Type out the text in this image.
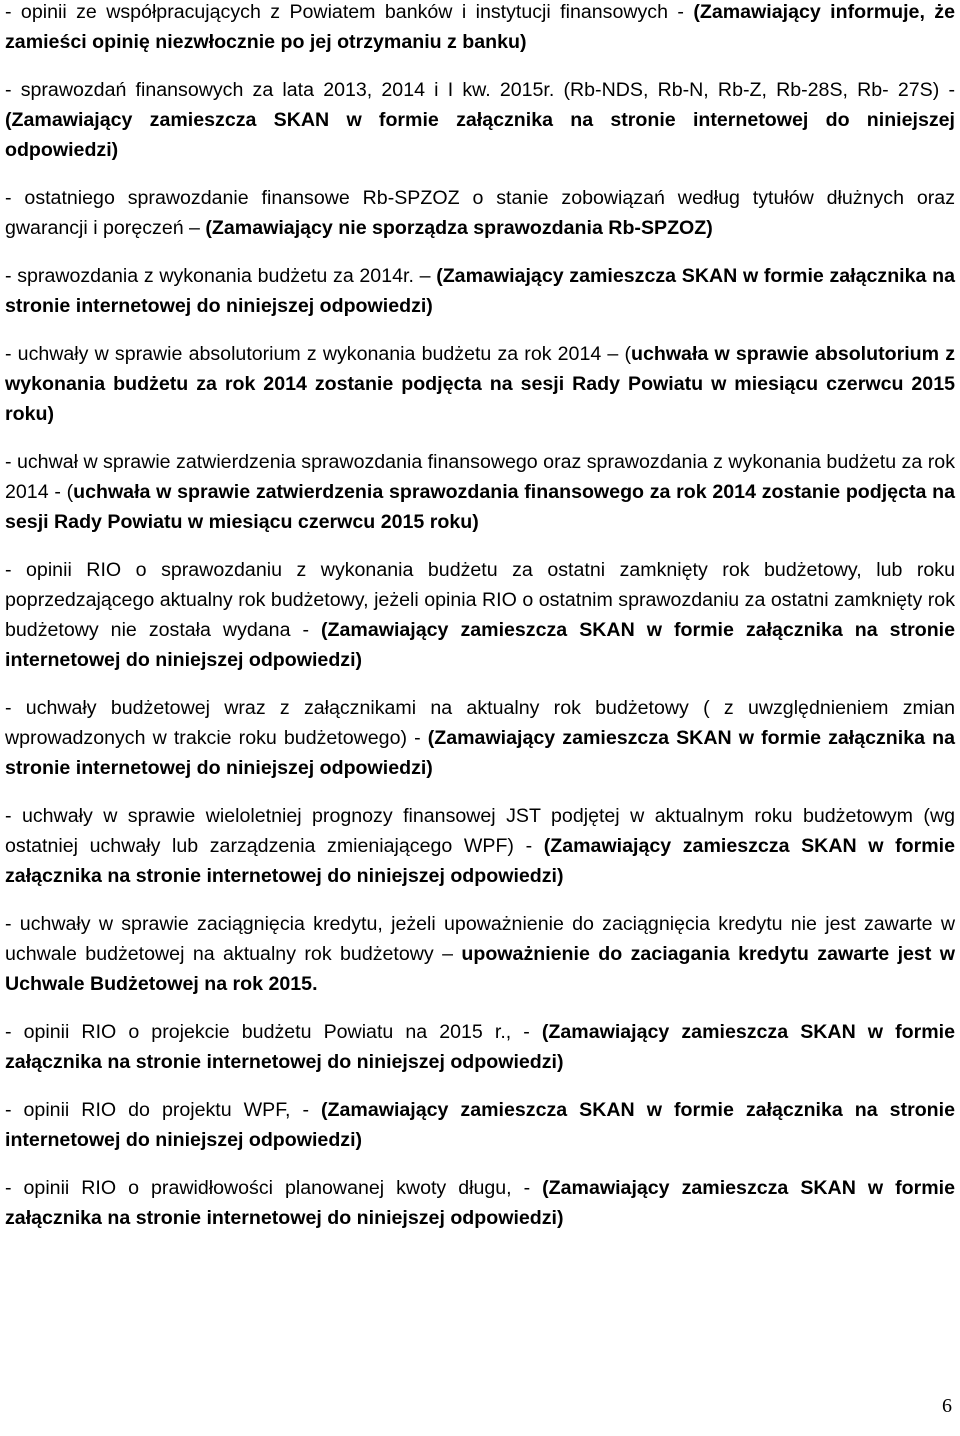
- opinii ze współpracujących z Powiatem banków i instytucji finansowych - (Zamawiający informuje, że zamieści opinię niezwłocznie po jej otrzymaniu z banku)

- sprawozdań finansowych za lata 2013, 2014 i I kw. 2015r. (Rb-NDS, Rb-N, Rb-Z, Rb-28S, Rb- 27S) - (Zamawiający zamieszcza SKAN w formie załącznika na stronie internetowej do niniejszej odpowiedzi)

- ostatniego sprawozdanie finansowe Rb-SPZOZ o stanie zobowiązań według tytułów dłużnych oraz gwarancji i poręczeń – (Zamawiający nie sporządza sprawozdania Rb-SPZOZ)

- sprawozdania z wykonania budżetu za 2014r. – (Zamawiający zamieszcza SKAN w formie załącznika na stronie internetowej do niniejszej odpowiedzi)

- uchwały w sprawie absolutorium z wykonania budżetu za rok 2014 – (uchwała w sprawie absolutorium z wykonania budżetu za rok 2014 zostanie podjęcta na sesji Rady Powiatu w miesiącu czerwcu 2015 roku)

- uchwał w sprawie zatwierdzenia sprawozdania finansowego oraz sprawozdania z wykonania budżetu za rok 2014 - (uchwała w sprawie zatwierdzenia sprawozdania finansowego za rok 2014 zostanie podjęcta na sesji Rady Powiatu w miesiącu czerwcu 2015 roku)

- opinii RIO o sprawozdaniu z wykonania budżetu za ostatni zamknięty rok budżetowy, lub roku poprzedzającego aktualny rok budżetowy, jeżeli opinia RIO o ostatnim sprawozdaniu za ostatni zamknięty rok budżetowy nie została wydana - (Zamawiający zamieszcza SKAN w formie załącznika na stronie internetowej do niniejszej odpowiedzi)

- uchwały budżetowej wraz z załącznikami na aktualny rok budżetowy ( z uwzględnieniem zmian wprowadzonych w trakcie roku budżetowego) - (Zamawiający zamieszcza SKAN w formie załącznika na stronie internetowej do niniejszej odpowiedzi)

- uchwały w sprawie wieloletniej prognozy finansowej JST podjętej w aktualnym roku budżetowym (wg ostatniej uchwały lub zarządzenia zmieniającego WPF) - (Zamawiający zamieszcza SKAN w formie załącznika na stronie internetowej do niniejszej odpowiedzi)

- uchwały w sprawie zaciągnięcia kredytu, jeżeli upoważnienie do zaciągnięcia kredytu nie jest zawarte w uchwale budżetowej na aktualny rok budżetowy – upoważnienie do zaciagania kredytu zawarte jest w Uchwale Budżetowej na rok 2015.

- opinii RIO o projekcie budżetu Powiatu na 2015 r., - (Zamawiający zamieszcza SKAN w formie załącznika na stronie internetowej do niniejszej odpowiedzi)

- opinii RIO do projektu WPF, - (Zamawiający zamieszcza SKAN w formie załącznika na stronie internetowej do niniejszej odpowiedzi)

- opinii RIO o prawidłowości planowanej kwoty długu, - (Zamawiający zamieszcza SKAN w formie załącznika na stronie internetowej do niniejszej odpowiedzi)

6
